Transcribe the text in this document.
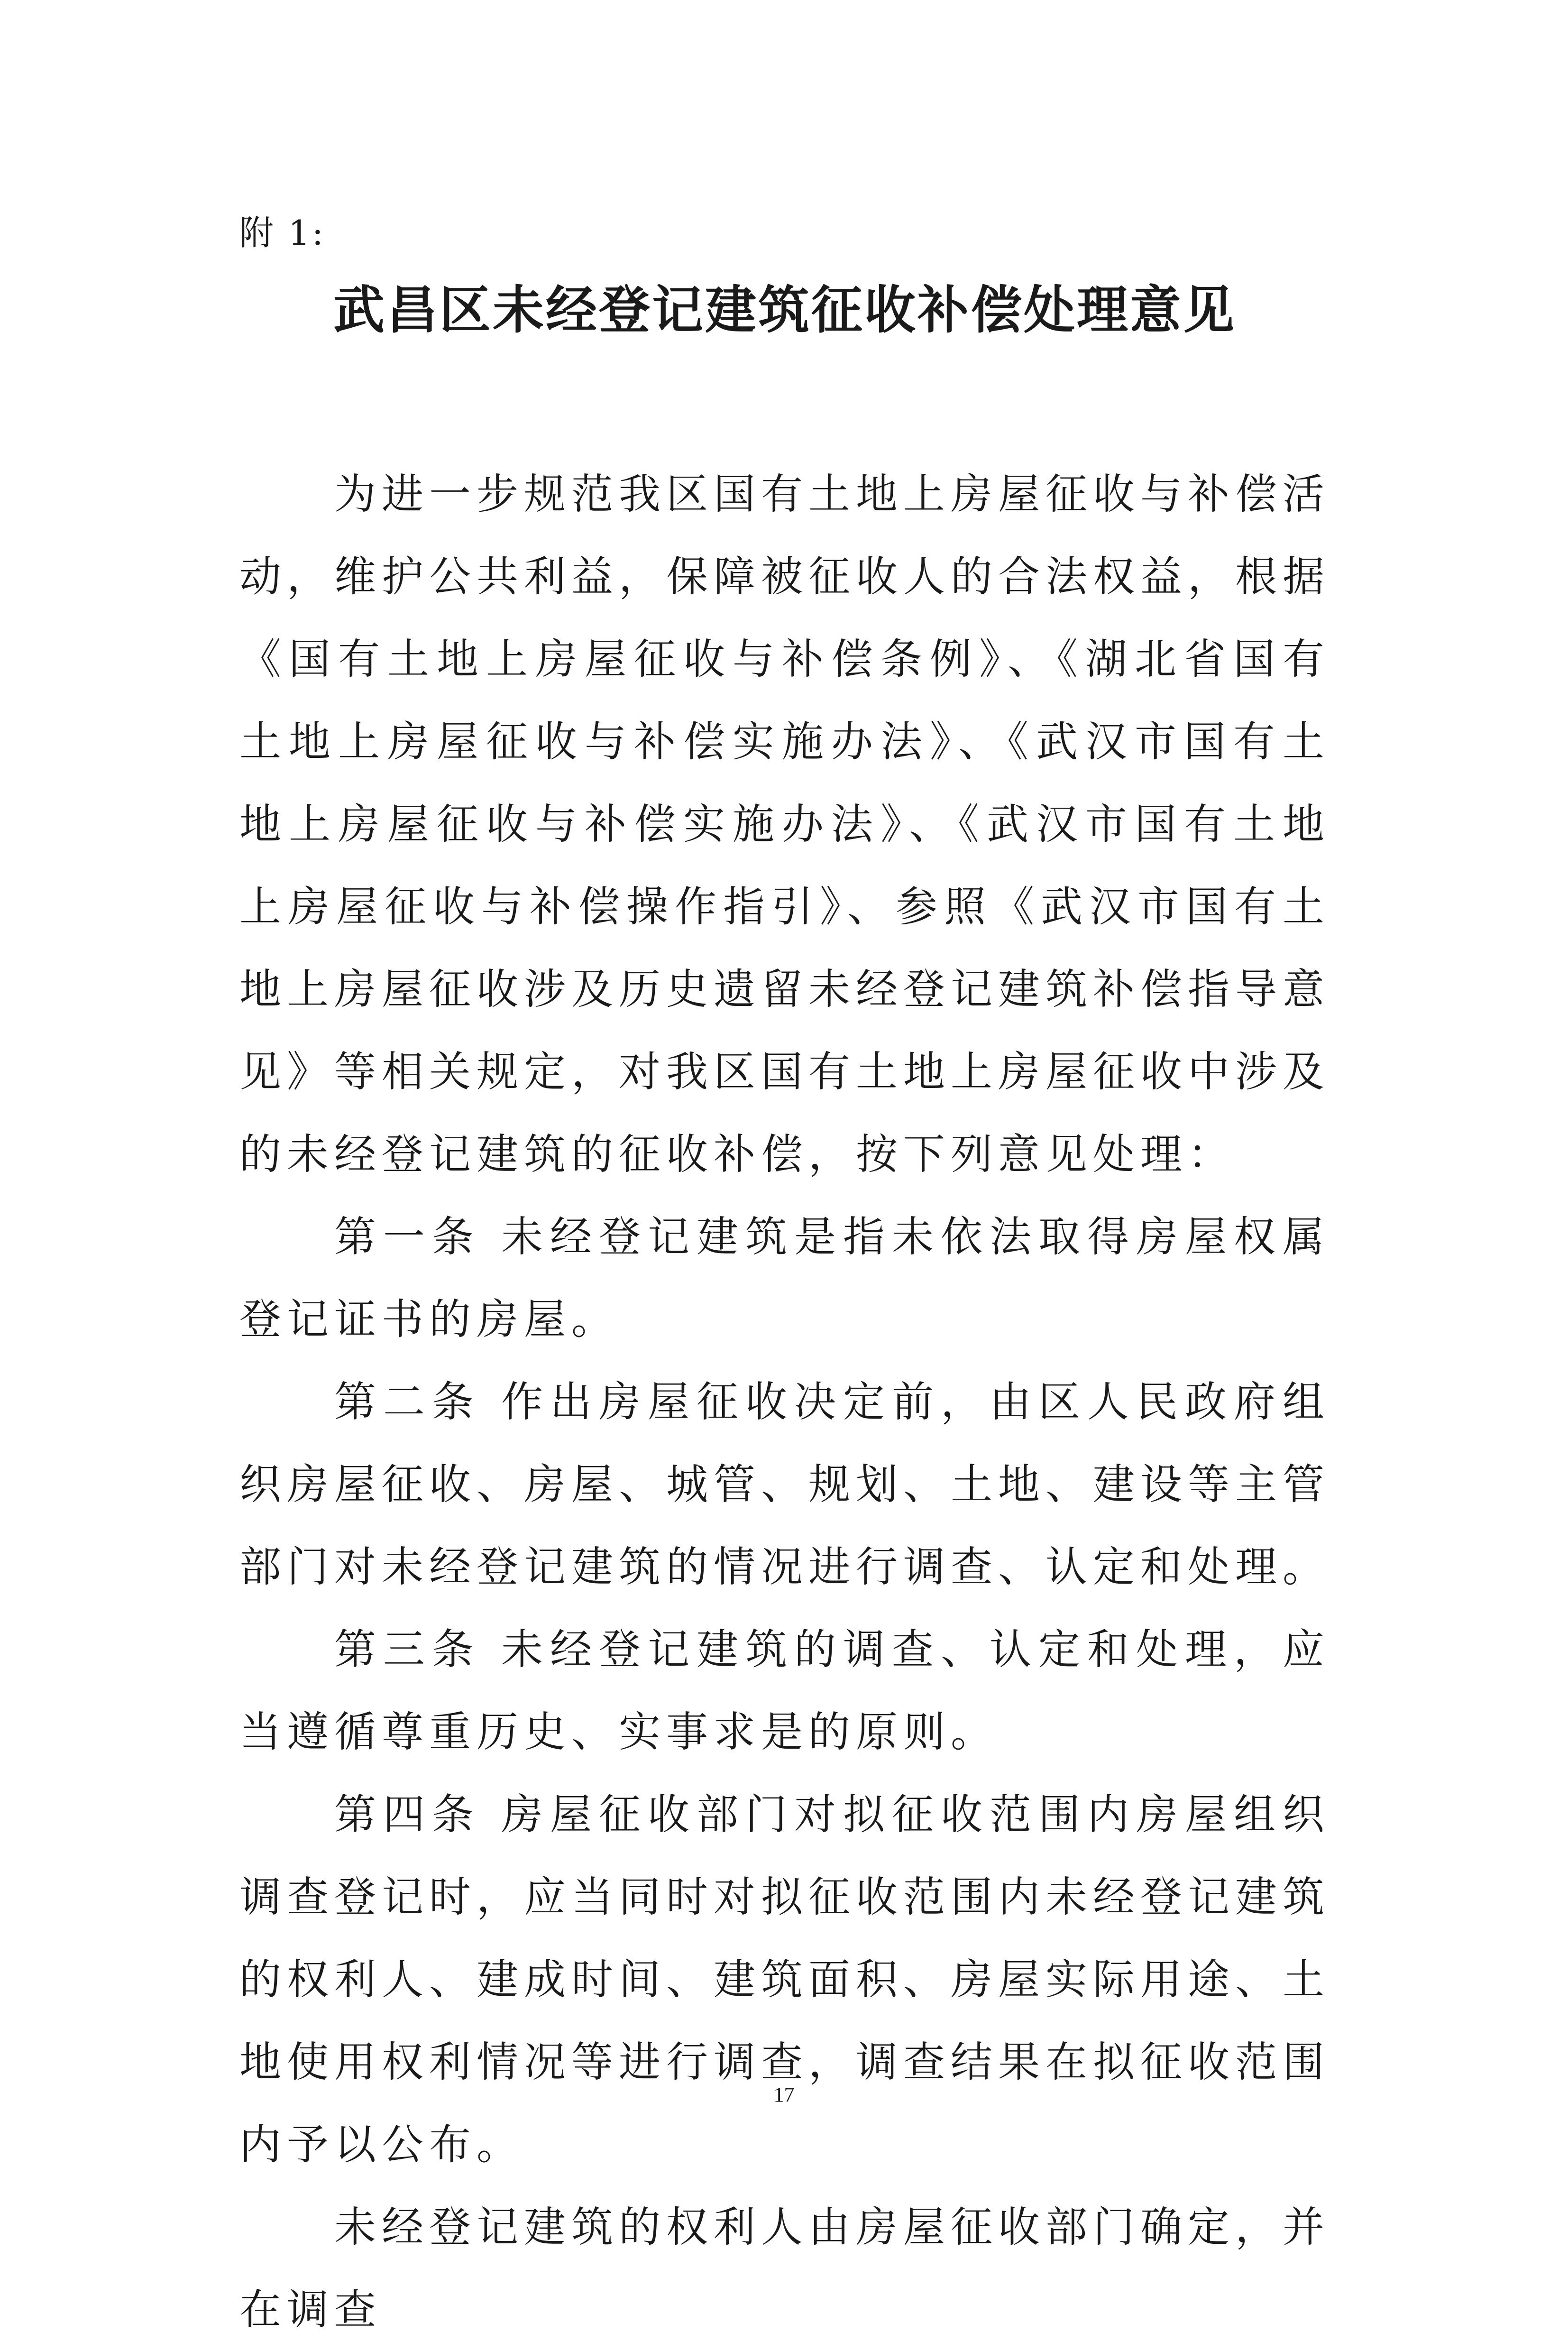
附 1:
武昌区未经登记建筑征收补偿处理意见

为进一步规范我区国有土地上房屋征收与补偿活动，维护公共利益，保障被征收人的合法权益，根据《国有土地上房屋征收与补偿条例》、《湖北省国有土地上房屋征收与补偿实施办法》、《武汉市国有土地上房屋征收与补偿实施办法》、《武汉市国有土地上房屋征收与补偿操作指引》、参照《武汉市国有土地上房屋征收涉及历史遗留未经登记建筑补偿指导意见》等相关规定，对我区国有土地上房屋征收中涉及的未经登记建筑的征收补偿，按下列意见处理：

第一条 未经登记建筑是指未依法取得房屋权属登记证书的房屋。

第二条 作出房屋征收决定前，由区人民政府组织房屋征收、房屋、城管、规划、土地、建设等主管部门对未经登记建筑的情况进行调查、认定和处理。

第三条 未经登记建筑的调查、认定和处理，应当遵循尊重历史、实事求是的原则。

第四条 房屋征收部门对拟征收范围内房屋组织调查登记时，应当同时对拟征收范围内未经登记建筑的权利人、建成时间、建筑面积、房屋实际用途、土地使用权利情况等进行调查，调查结果在拟征收范围内予以公布。

未经登记建筑的权利人由房屋征收部门确定，并在调查

17
